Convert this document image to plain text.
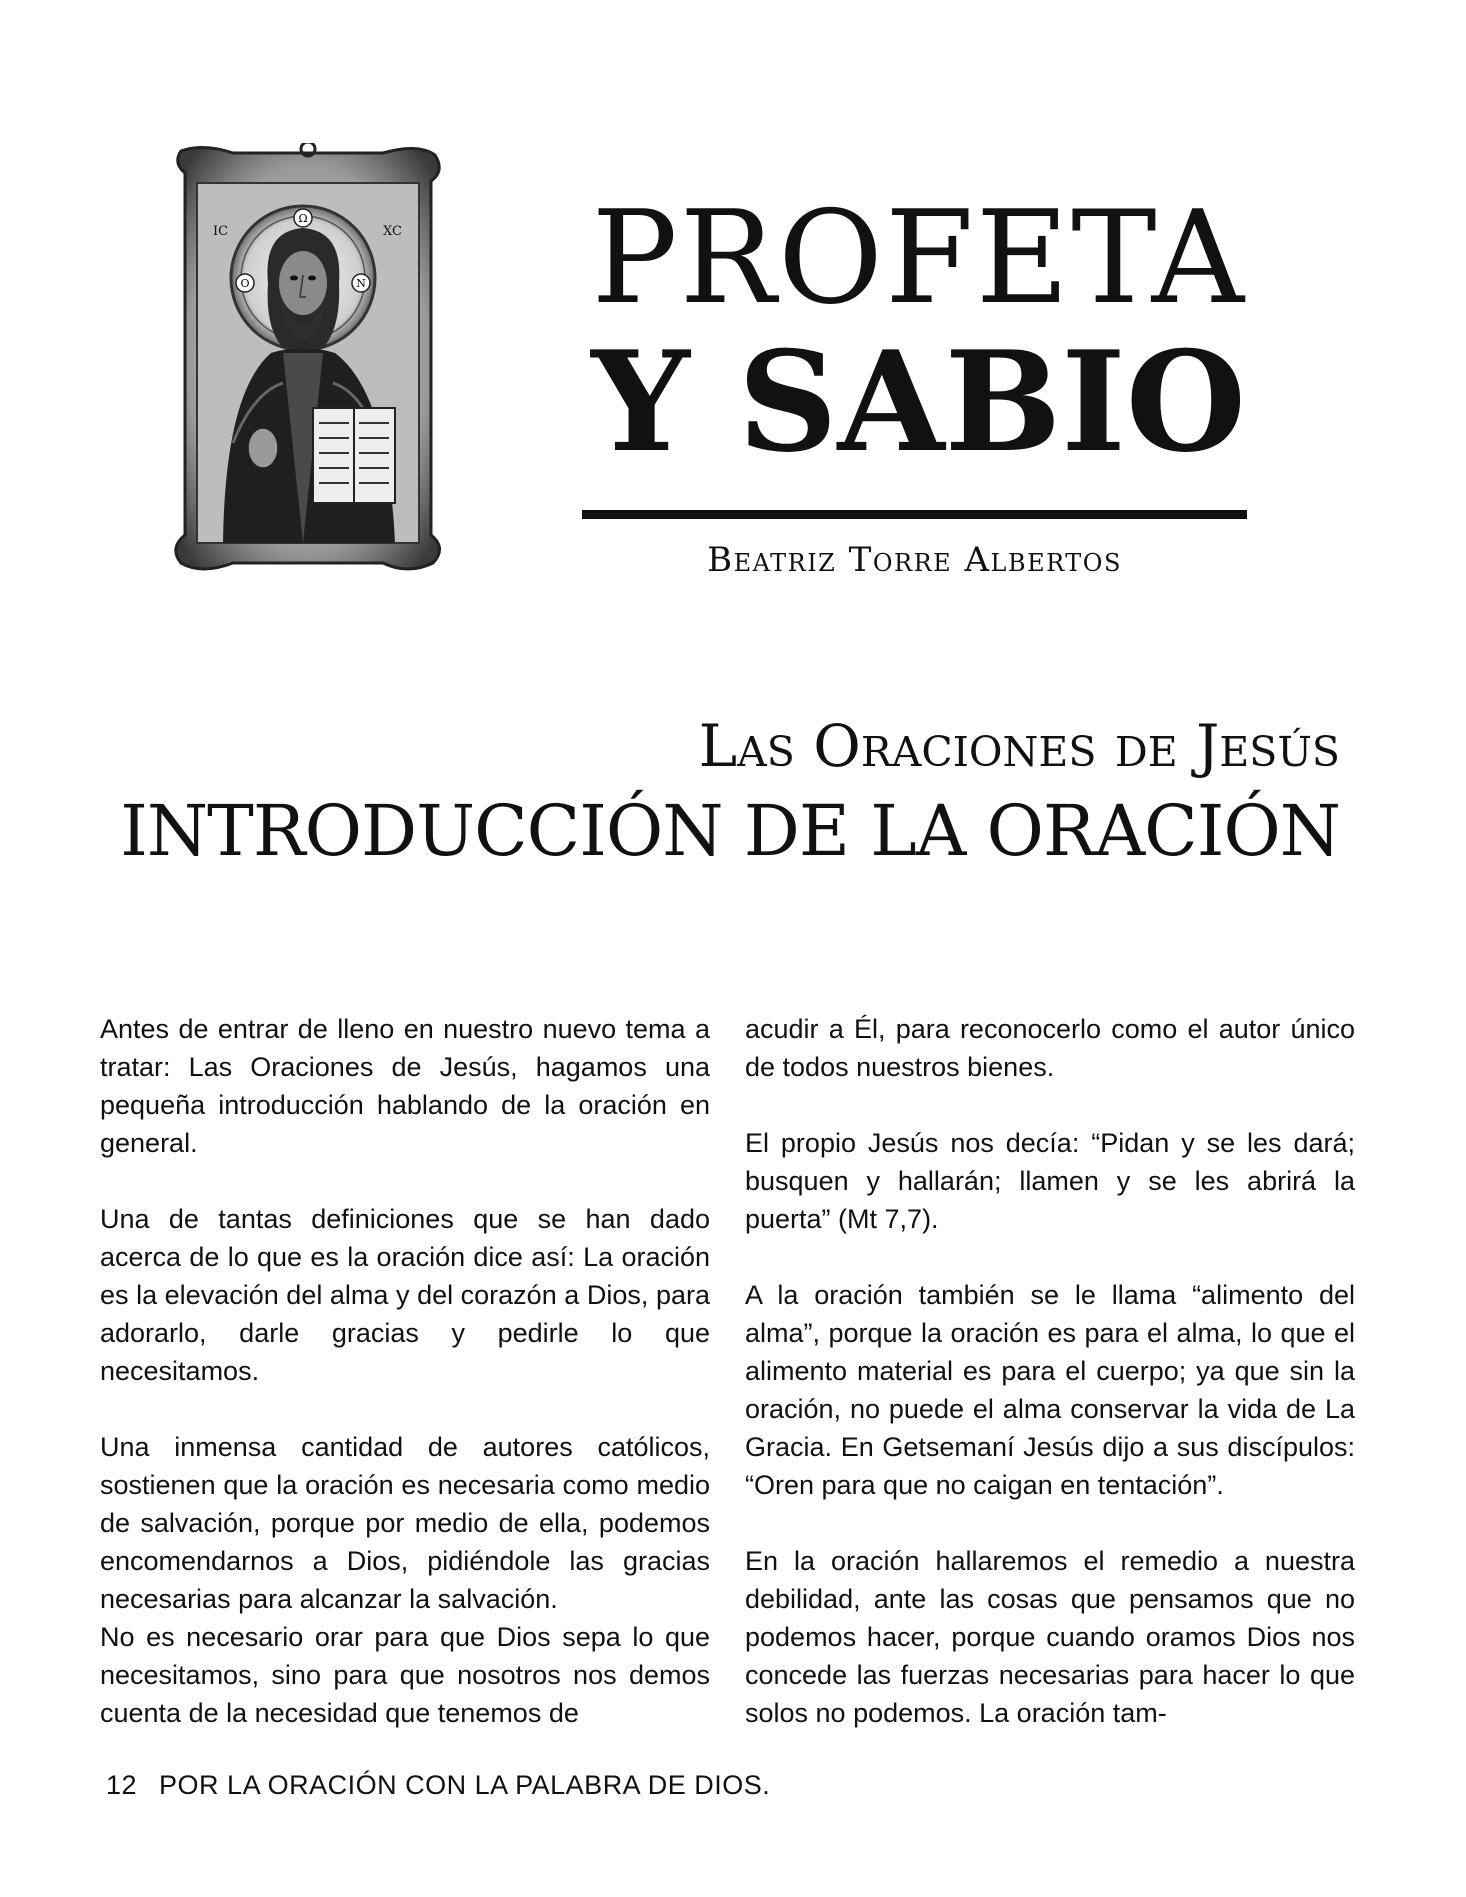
Ω
Ο	Ν
IC	XC PROFETA
Y SABIO
Beatriz Torre Albertos
Las Oraciones de Jesús
INTRODUCCIÓN DE LA ORACIÓN

Antes de entrar de lleno en nuestro nuevo tema a tratar: Las Oraciones de Jesús, hagamos una pequeña introducción hablando de la oración en general.

Una de tantas definiciones que se han dado acerca de lo que es la oración dice así: La oración es la elevación del alma y del corazón a Dios, para adorarlo, darle gracias y pedirle lo que necesitamos.

Una inmensa cantidad de autores católicos, sostienen que la oración es necesaria como medio de salvación, porque por medio de ella, podemos encomendarnos a Dios, pidiéndole las gracias necesarias para alcanzar la salvación.

No es necesario orar para que Dios sepa lo que necesitamos, sino para que nosotros nos demos cuenta de la necesidad que tenemos de

acudir a Él, para reconocerlo como el autor único de todos nuestros bienes.

El propio Jesús nos decía: “Pidan y se les dará; busquen y hallarán; llamen y se les abrirá la puerta” (Mt 7,7).

A la oración también se le llama “alimento del alma”, porque la oración es para el alma, lo que el alimento material es para el cuerpo; ya que sin la oración, no puede el alma conservar la vida de La Gracia. En Getsemaní Jesús dijo a sus discípulos: “Oren para que no caigan en tentación”.

En la oración hallaremos el remedio a nuestra debilidad, ante las cosas que pensamos que no podemos hacer, porque cuando oramos Dios nos concede las fuerzas necesarias para hacer lo que solos no podemos. La oración tam-

12 POR LA ORACIÓN CON LA PALABRA DE DIOS.
